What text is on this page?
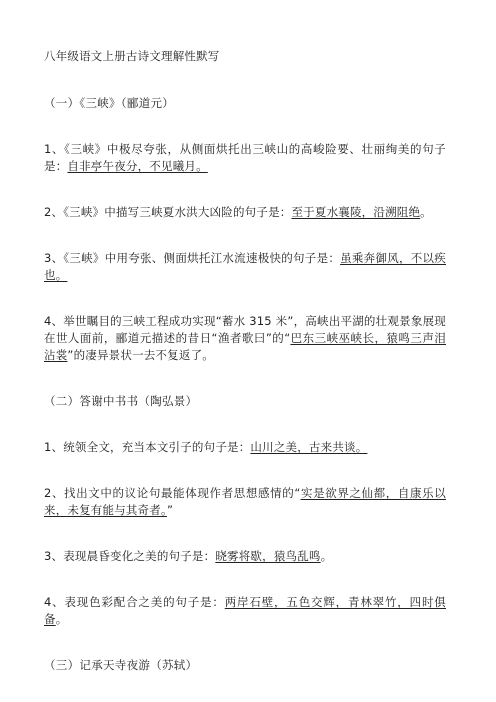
八年级语文上册古诗文理解性默写
（一）《三峡》（郦道元）
1、《三峡》中极尽夸张，从侧面烘托出三峡山的高峻险要、壮丽绚美的句子是：自非亭午夜分，不见曦月。
2、《三峡》中描写三峡夏水洪大凶险的句子是：至于夏水襄陵，沿溯阻绝。
3、《三峡》中用夸张、侧面烘托江水流速极快的句子是：虽乘奔御风，不以疾也。
4、举世瞩目的三峡工程成功实现“蓄水 315 米”，高峡出平湖的壮观景象展现在世人面前，郦道元描述的昔日“渔者歌曰”的“巴东三峡巫峡长，猿鸣三声泪沾裳”的凄异景状一去不复返了。
（二）答谢中书书（陶弘景）
1、统领全文，充当本文引子的句子是：山川之美，古来共谈。
2、找出文中的议论句最能体现作者思想感情的“实是欲界之仙都，自康乐以来，未复有能与其奇者。”
3、表现晨昏变化之美的句子是：晓雾将歇，猿鸟乱鸣。
4、表现色彩配合之美的句子是：两岸石壁，五色交辉，青林翠竹，四时俱备。
（三）记承天寺夜游（苏轼）
